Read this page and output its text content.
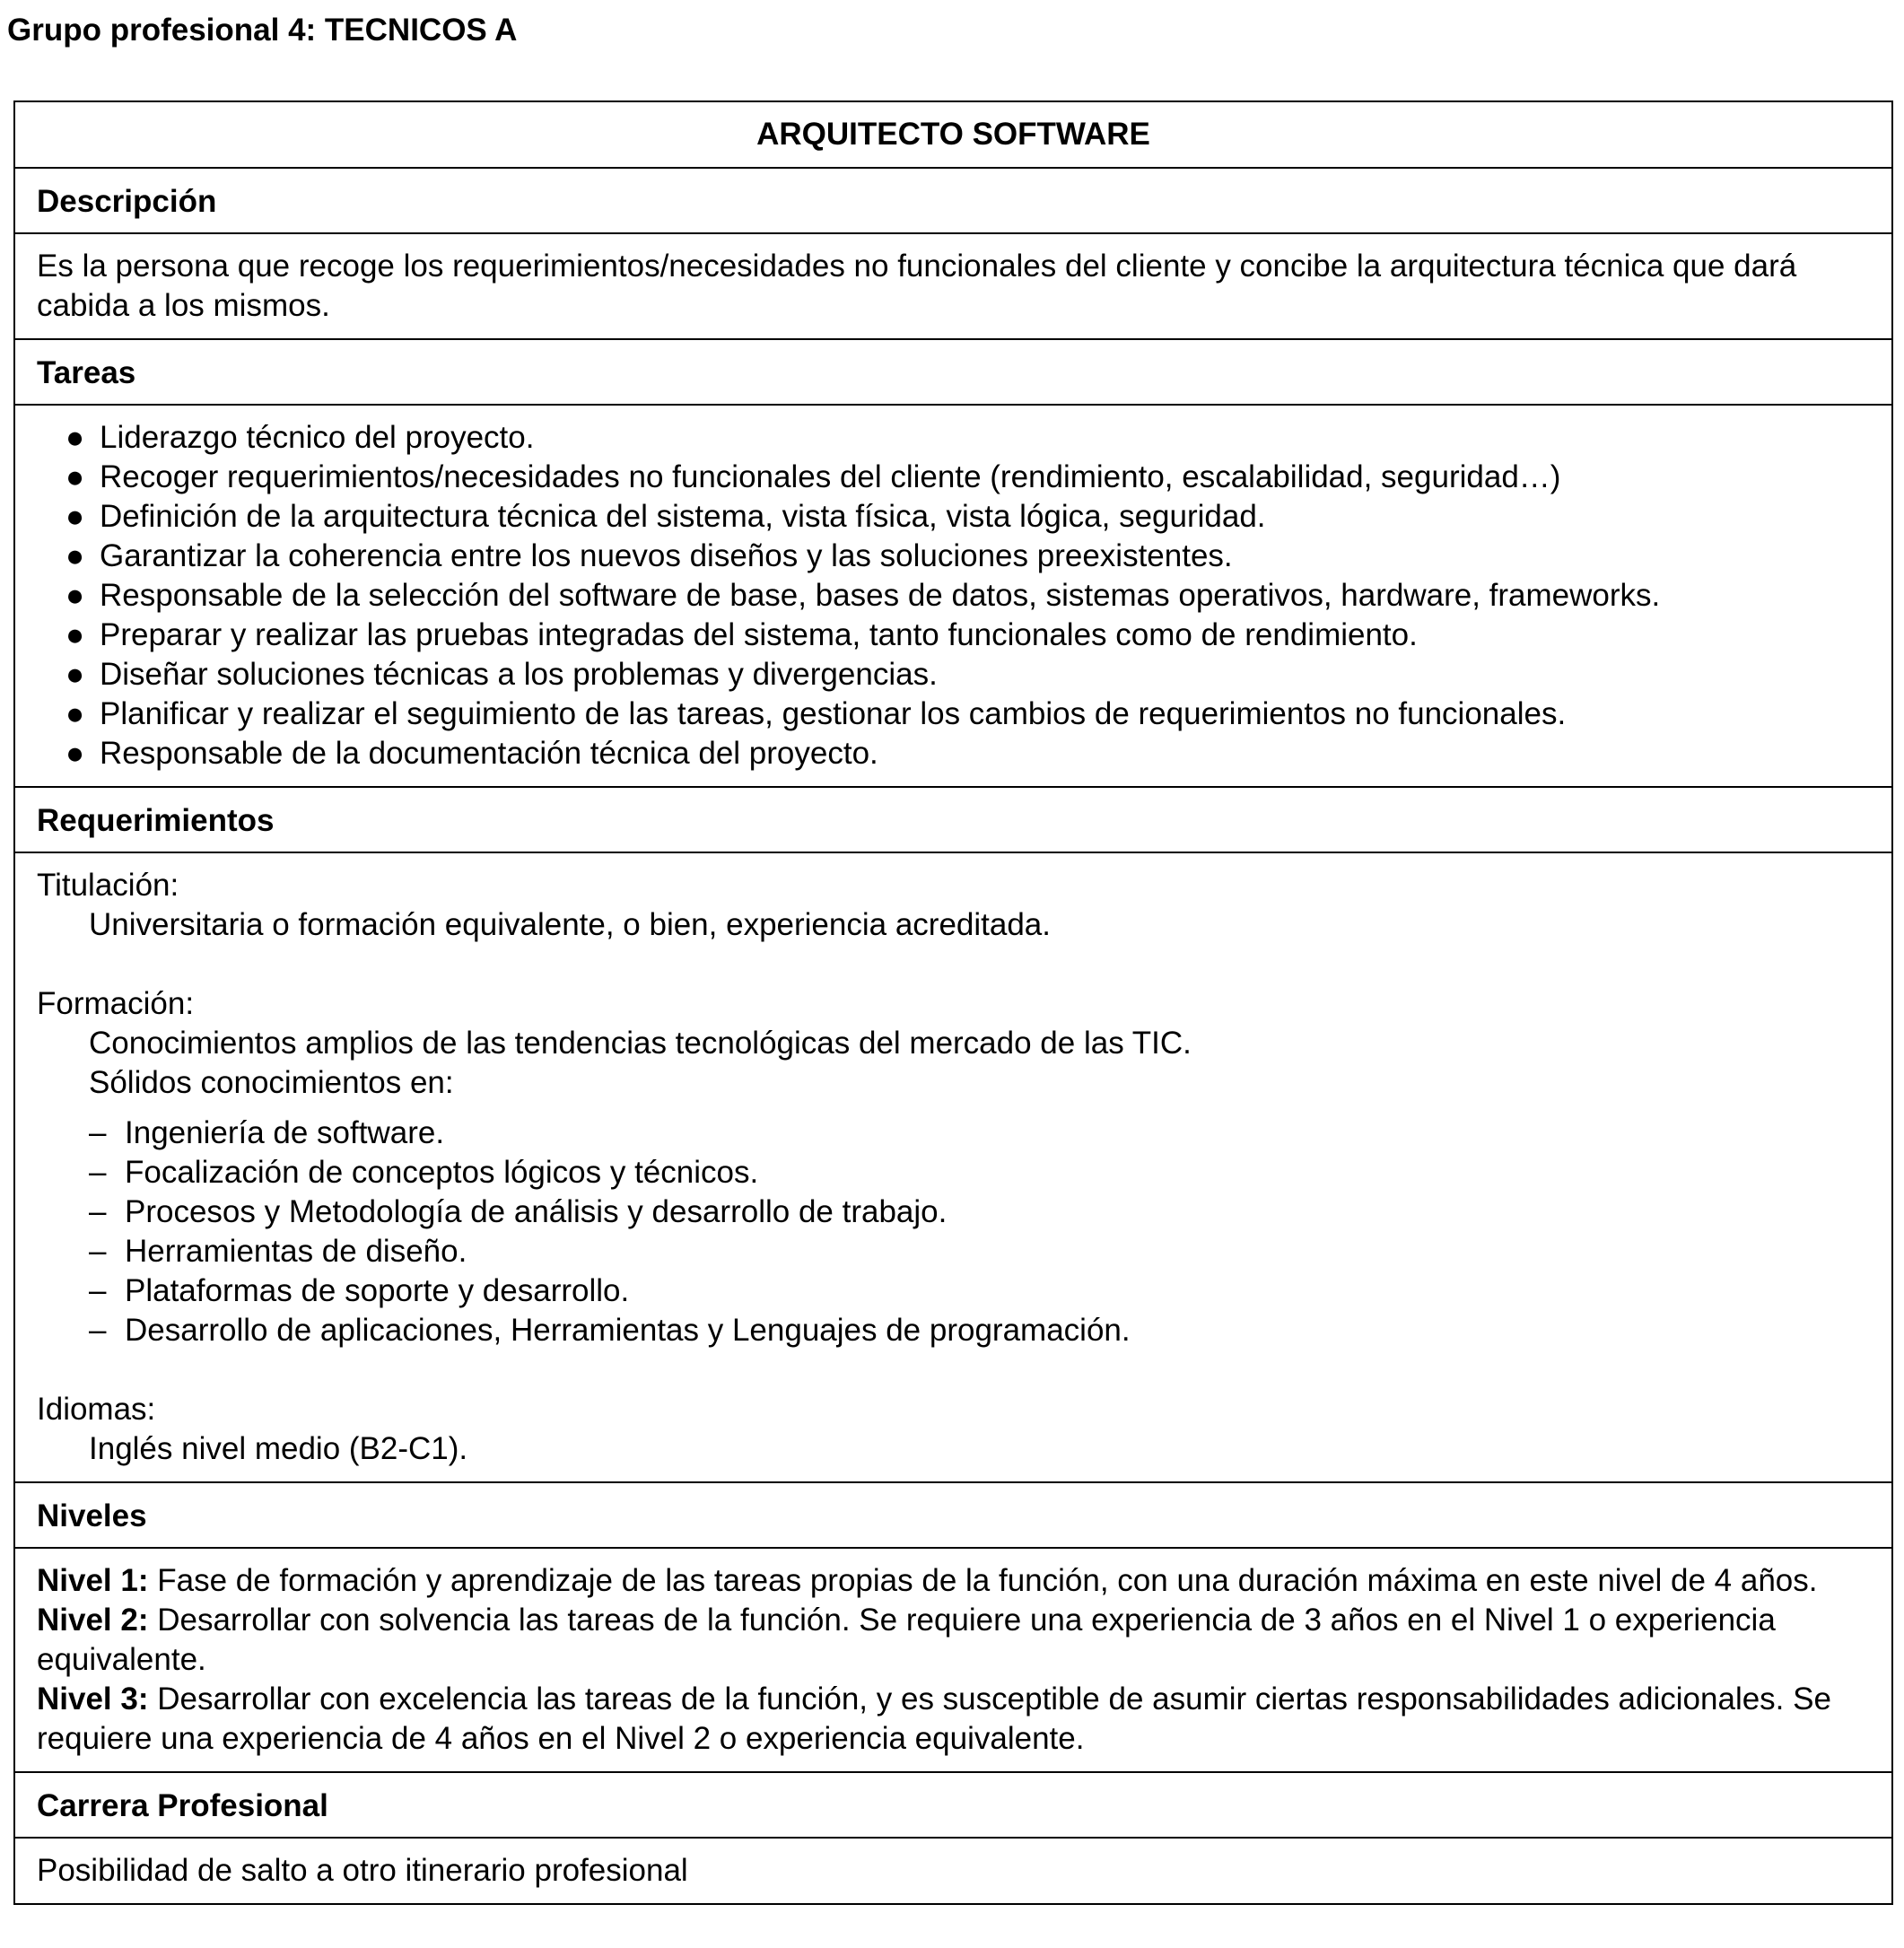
Grupo profesional 4: TECNICOS A
ARQUITECTO SOFTWARE
Descripción

Es la persona que recoge los requerimientos/necesidades no funcionales del cliente y concibe la arquitectura técnica que dará cabida a los mismos.

Tareas
● Liderazgo técnico del proyecto.
● Recoger requerimientos/necesidades no funcionales del cliente (rendimiento, escalabilidad, seguridad…)
● Definición de la arquitectura técnica del sistema, vista física, vista lógica, seguridad.
● Garantizar la coherencia entre los nuevos diseños y las soluciones preexistentes.
● Responsable de la selección del software de base, bases de datos, sistemas operativos, hardware, frameworks.
● Preparar y realizar las pruebas integradas del sistema, tanto funcionales como de rendimiento.
● Diseñar soluciones técnicas a los problemas y divergencias.
● Planificar y realizar el seguimiento de las tareas, gestionar los cambios de requerimientos no funcionales.
● Responsable de la documentación técnica del proyecto.
Requerimientos

Titulación:

Universitaria o formación equivalente, o bien, experiencia acreditada.

Formación:

Conocimientos amplios de las tendencias tecnológicas del mercado de las TIC.

Sólidos conocimientos en:

– Ingeniería de software.
– Focalización de conceptos lógicos y técnicos.
– Procesos y Metodología de análisis y desarrollo de trabajo.
– Herramientas de diseño.
– Plataformas de soporte y desarrollo.
– Desarrollo de aplicaciones, Herramientas y Lenguajes de programación.

Idiomas:

Inglés nivel medio (B2-C1).

Niveles

Nivel 1: Fase de formación y aprendizaje de las tareas propias de la función, con una duración máxima en este nivel de 4 años.

Nivel 2: Desarrollar con solvencia las tareas de la función. Se requiere una experiencia de 3 años en el Nivel 1 o experiencia equivalente.

Nivel 3: Desarrollar con excelencia las tareas de la función, y es susceptible de asumir ciertas responsabilidades adicionales. Se requiere una experiencia de 4 años en el Nivel 2 o experiencia equivalente.

Carrera Profesional

Posibilidad de salto a otro itinerario profesional
